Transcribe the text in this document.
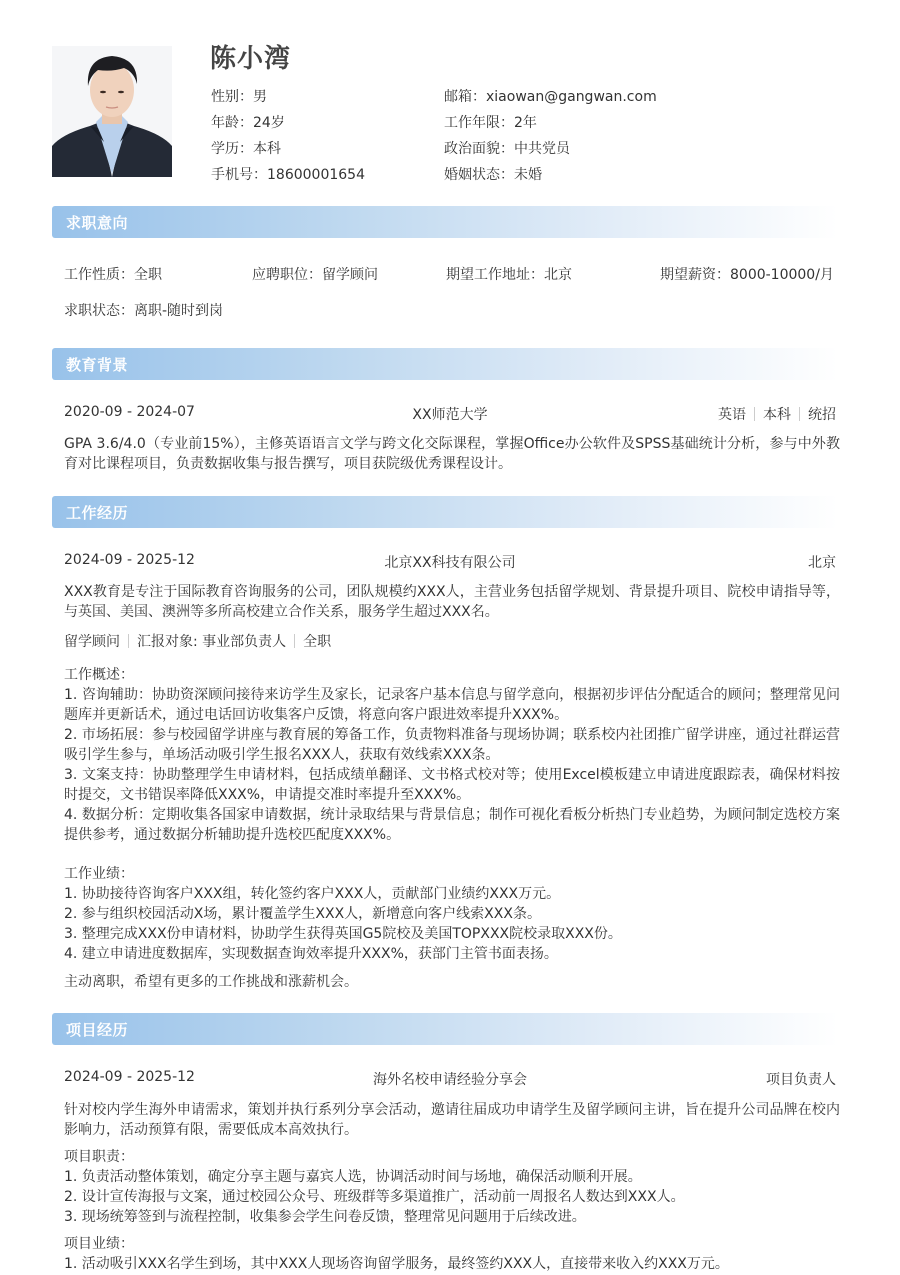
陈小湾
性别：男
年龄：24岁
学历：本科
手机号：18600001654
邮箱：xiaowan@gangwan.com
工作年限：2年
政治面貌：中共党员
婚姻状态：未婚
求职意向
工作性质：全职	应聘职位：留学顾问	期望工作地址：北京	期望薪资：8000-10000/月
求职状态：离职-随时到岗
教育背景
2020-09 - 2024-07	XX师范大学	英语 本科 统招
GPA 3.6/4.0（专业前15%），主修英语语言文学与跨文化交际课程，掌握Office办公软件及SPSS基础统计分析，参与中外教育对比课程项目，负责数据收集与报告撰写，项目获院级优秀课程设计。
工作经历
2024-09 - 2025-12	北京XX科技有限公司	北京
XXX教育是专注于国际教育咨询服务的公司，团队规模约XXX人，主营业务包括留学规划、背景提升项目、院校申请指导等，与英国、美国、澳洲等多所高校建立合作关系，服务学生超过XXX名。
留学顾问 汇报对象: 事业部负责人 全职
工作概述：
1. 咨询辅助：协助资深顾问接待来访学生及家长，记录客户基本信息与留学意向，根据初步评估分配适合的顾问；整理常见问题库并更新话术，通过电话回访收集客户反馈，将意向客户跟进效率提升XXX%。
2. 市场拓展：参与校园留学讲座与教育展的筹备工作，负责物料准备与现场协调；联系校内社团推广留学讲座，通过社群运营吸引学生参与，单场活动吸引学生报名XXX人，获取有效线索XXX条。
3. 文案支持：协助整理学生申请材料，包括成绩单翻译、文书格式校对等；使用Excel模板建立申请进度跟踪表，确保材料按时提交，文书错误率降低XXX%，申请提交准时率提升至XXX%。
4. 数据分析：定期收集各国家申请数据，统计录取结果与背景信息；制作可视化看板分析热门专业趋势，为顾问制定选校方案提供参考，通过数据分析辅助提升选校匹配度XXX%。
工作业绩：
1. 协助接待咨询客户XXX组，转化签约客户XXX人，贡献部门业绩约XXX万元。
2. 参与组织校园活动X场，累计覆盖学生XXX人，新增意向客户线索XXX条。
3. 整理完成XXX份申请材料，协助学生获得英国G5院校及美国TOPXXX院校录取XXX份。
4. 建立申请进度数据库，实现数据查询效率提升XXX%，获部门主管书面表扬。
主动离职，希望有更多的工作挑战和涨薪机会。
项目经历
2024-09 - 2025-12	海外名校申请经验分享会	项目负责人
针对校内学生海外申请需求，策划并执行系列分享会活动，邀请往届成功申请学生及留学顾问主讲，旨在提升公司品牌在校内影响力，活动预算有限，需要低成本高效执行。
项目职责：
1. 负责活动整体策划，确定分享主题与嘉宾人选，协调活动时间与场地，确保活动顺利开展。
2. 设计宣传海报与文案，通过校园公众号、班级群等多渠道推广，活动前一周报名人数达到XXX人。
3. 现场统筹签到与流程控制，收集参会学生问卷反馈，整理常见问题用于后续改进。
项目业绩：
1. 活动吸引XXX名学生到场，其中XXX人现场咨询留学服务，最终签约XXX人，直接带来收入约XXX万元。
